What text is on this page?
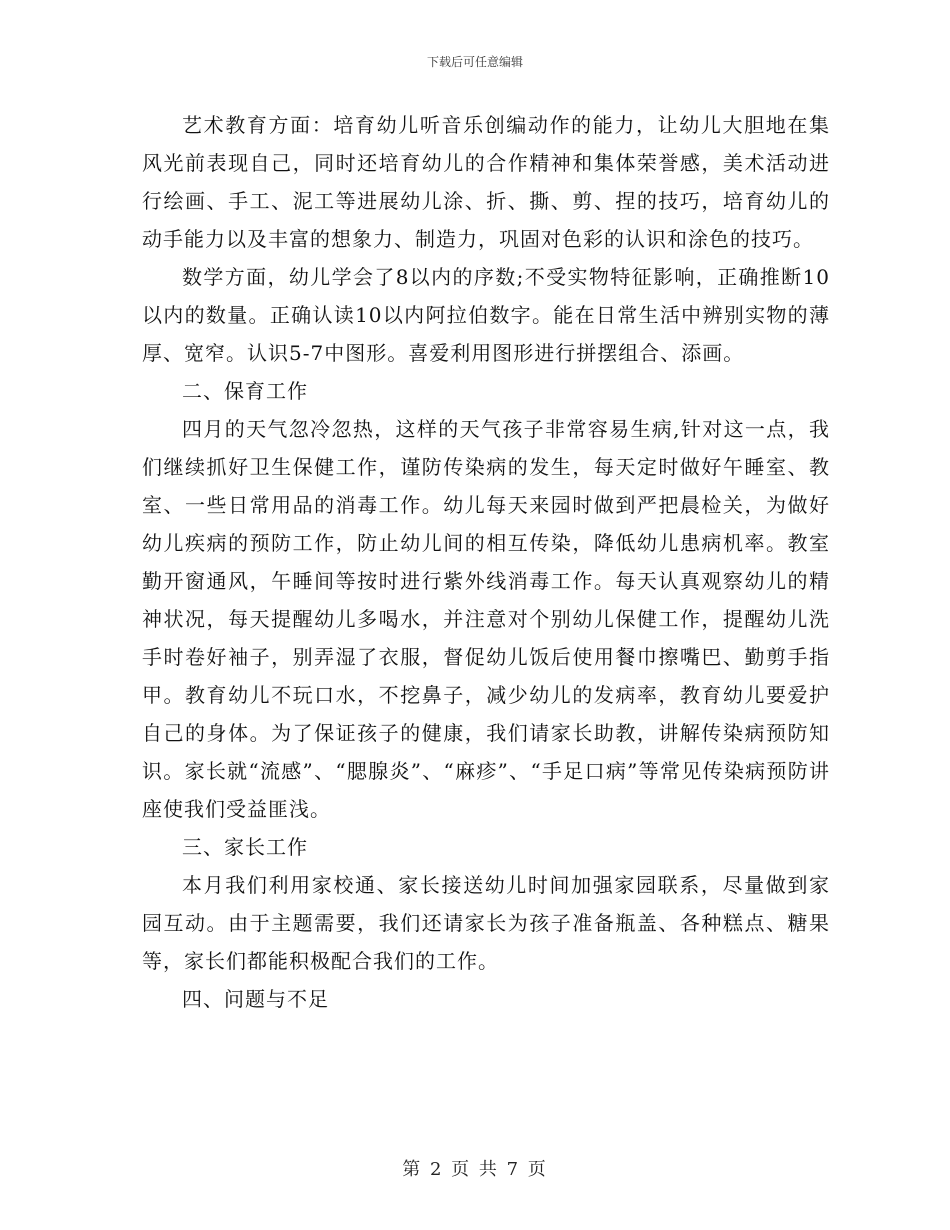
下载后可任意编辑

艺术教育方面：培育幼儿听音乐创编动作的能力，让幼儿大胆地在集风光前表现自己，同时还培育幼儿的合作精神和集体荣誉感，美术活动进行绘画、手工、泥工等进展幼儿涂、折、撕、剪、捏的技巧，培育幼儿的动手能力以及丰富的想象力、制造力，巩固对色彩的认识和涂色的技巧。

数学方面，幼儿学会了8以内的序数;不受实物特征影响，正确推断10以内的数量。正确认读10以内阿拉伯数字。能在日常生活中辨别实物的薄厚、宽窄。认识5-7中图形。喜爱利用图形进行拼摆组合、添画。

二、保育工作

四月的天气忽冷忽热，这样的天气孩子非常容易生病,针对这一点，我们继续抓好卫生保健工作，谨防传染病的发生，每天定时做好午睡室、教室、一些日常用品的消毒工作。幼儿每天来园时做到严把晨检关，为做好幼儿疾病的预防工作，防止幼儿间的相互传染，降低幼儿患病机率。教室勤开窗通风，午睡间等按时进行紫外线消毒工作。每天认真观察幼儿的精神状况，每天提醒幼儿多喝水，并注意对个别幼儿保健工作，提醒幼儿洗手时卷好袖子，别弄湿了衣服，督促幼儿饭后使用餐巾擦嘴巴、勤剪手指甲。教育幼儿不玩口水，不挖鼻子，减少幼儿的发病率，教育幼儿要爱护自己的身体。为了保证孩子的健康，我们请家长助教，讲解传染病预防知识。家长就“流感”、“腮腺炎”、“麻疹”、“手足口病”等常见传染病预防讲座使我们受益匪浅。

三、家长工作

本月我们利用家校通、家长接送幼儿时间加强家园联系，尽量做到家园互动。由于主题需要，我们还请家长为孩子准备瓶盖、各种糕点、糖果等，家长们都能积极配合我们的工作。

四、问题与不足

第 2 页 共 7 页
